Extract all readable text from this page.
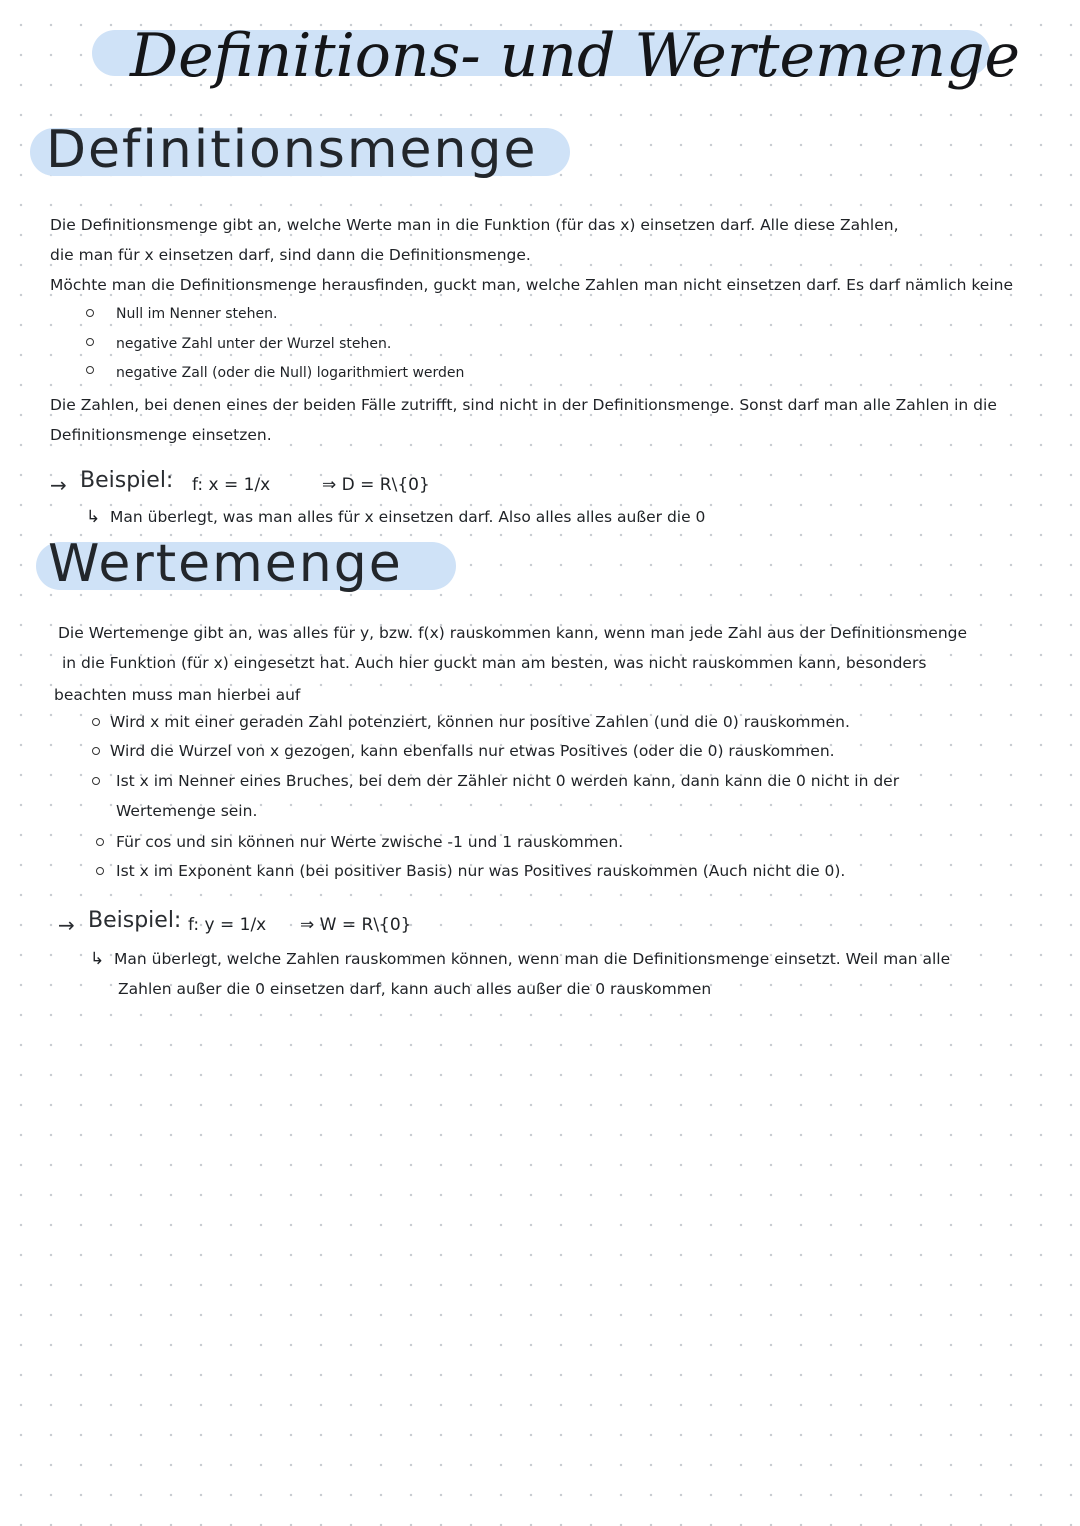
Definitions- und Wertemenge
Definitionsmenge
Die Definitionsmenge gibt an, welche Werte man in die Funktion (für das x) einsetzen darf. Alle diese Zahlen,
die man für x einsetzen darf, sind dann die Definitionsmenge.
Möchte man die Definitionsmenge herausfinden, guckt man, welche Zahlen man nicht einsetzen darf. Es darf nämlich keine
Null im Nenner stehen.
negative Zahl unter der Wurzel stehen.
negative Zall (oder die Null) logarithmiert werden
Die Zahlen, bei denen eines der beiden Fälle zutrifft, sind nicht in der Definitionsmenge. Sonst darf man alle Zahlen in die
Definitionsmenge einsetzen.
→ Beispiel: f: x = 1/x	⇒ D = R\{0}
↳ Man überlegt, was man alles für x einsetzen darf. Also alles alles außer die 0
Wertemenge
Die Wertemenge gibt an, was alles für y, bzw. f(x) rauskommen kann, wenn man jede Zahl aus der Definitionsmenge
in die Funktion (für x) eingesetzt hat. Auch hier guckt man am besten, was nicht rauskommen kann, besonders
beachten muss man hierbei auf
Wird x mit einer geraden Zahl potenziert, können nur positive Zahlen (und die 0) rauskommen.
Wird die Wurzel von x gezogen, kann ebenfalls nur etwas Positives (oder die 0) rauskommen.
Ist x im Nenner eines Bruches, bei dem der Zähler nicht 0 werden kann, dann kann die 0 nicht in der
Wertemenge sein.
Für cos und sin können nur Werte zwische -1 und 1 rauskommen.
Ist x im Exponent kann (bei positiver Basis) nur was Positives rauskommen (Auch nicht die 0).
→ Beispiel: f: y = 1/x ⇒ W = R\{0}
↳ Man überlegt, welche Zahlen rauskommen können, wenn man die Definitionsmenge einsetzt. Weil man alle
Zahlen außer die 0 einsetzen darf, kann auch alles außer die 0 rauskommen
